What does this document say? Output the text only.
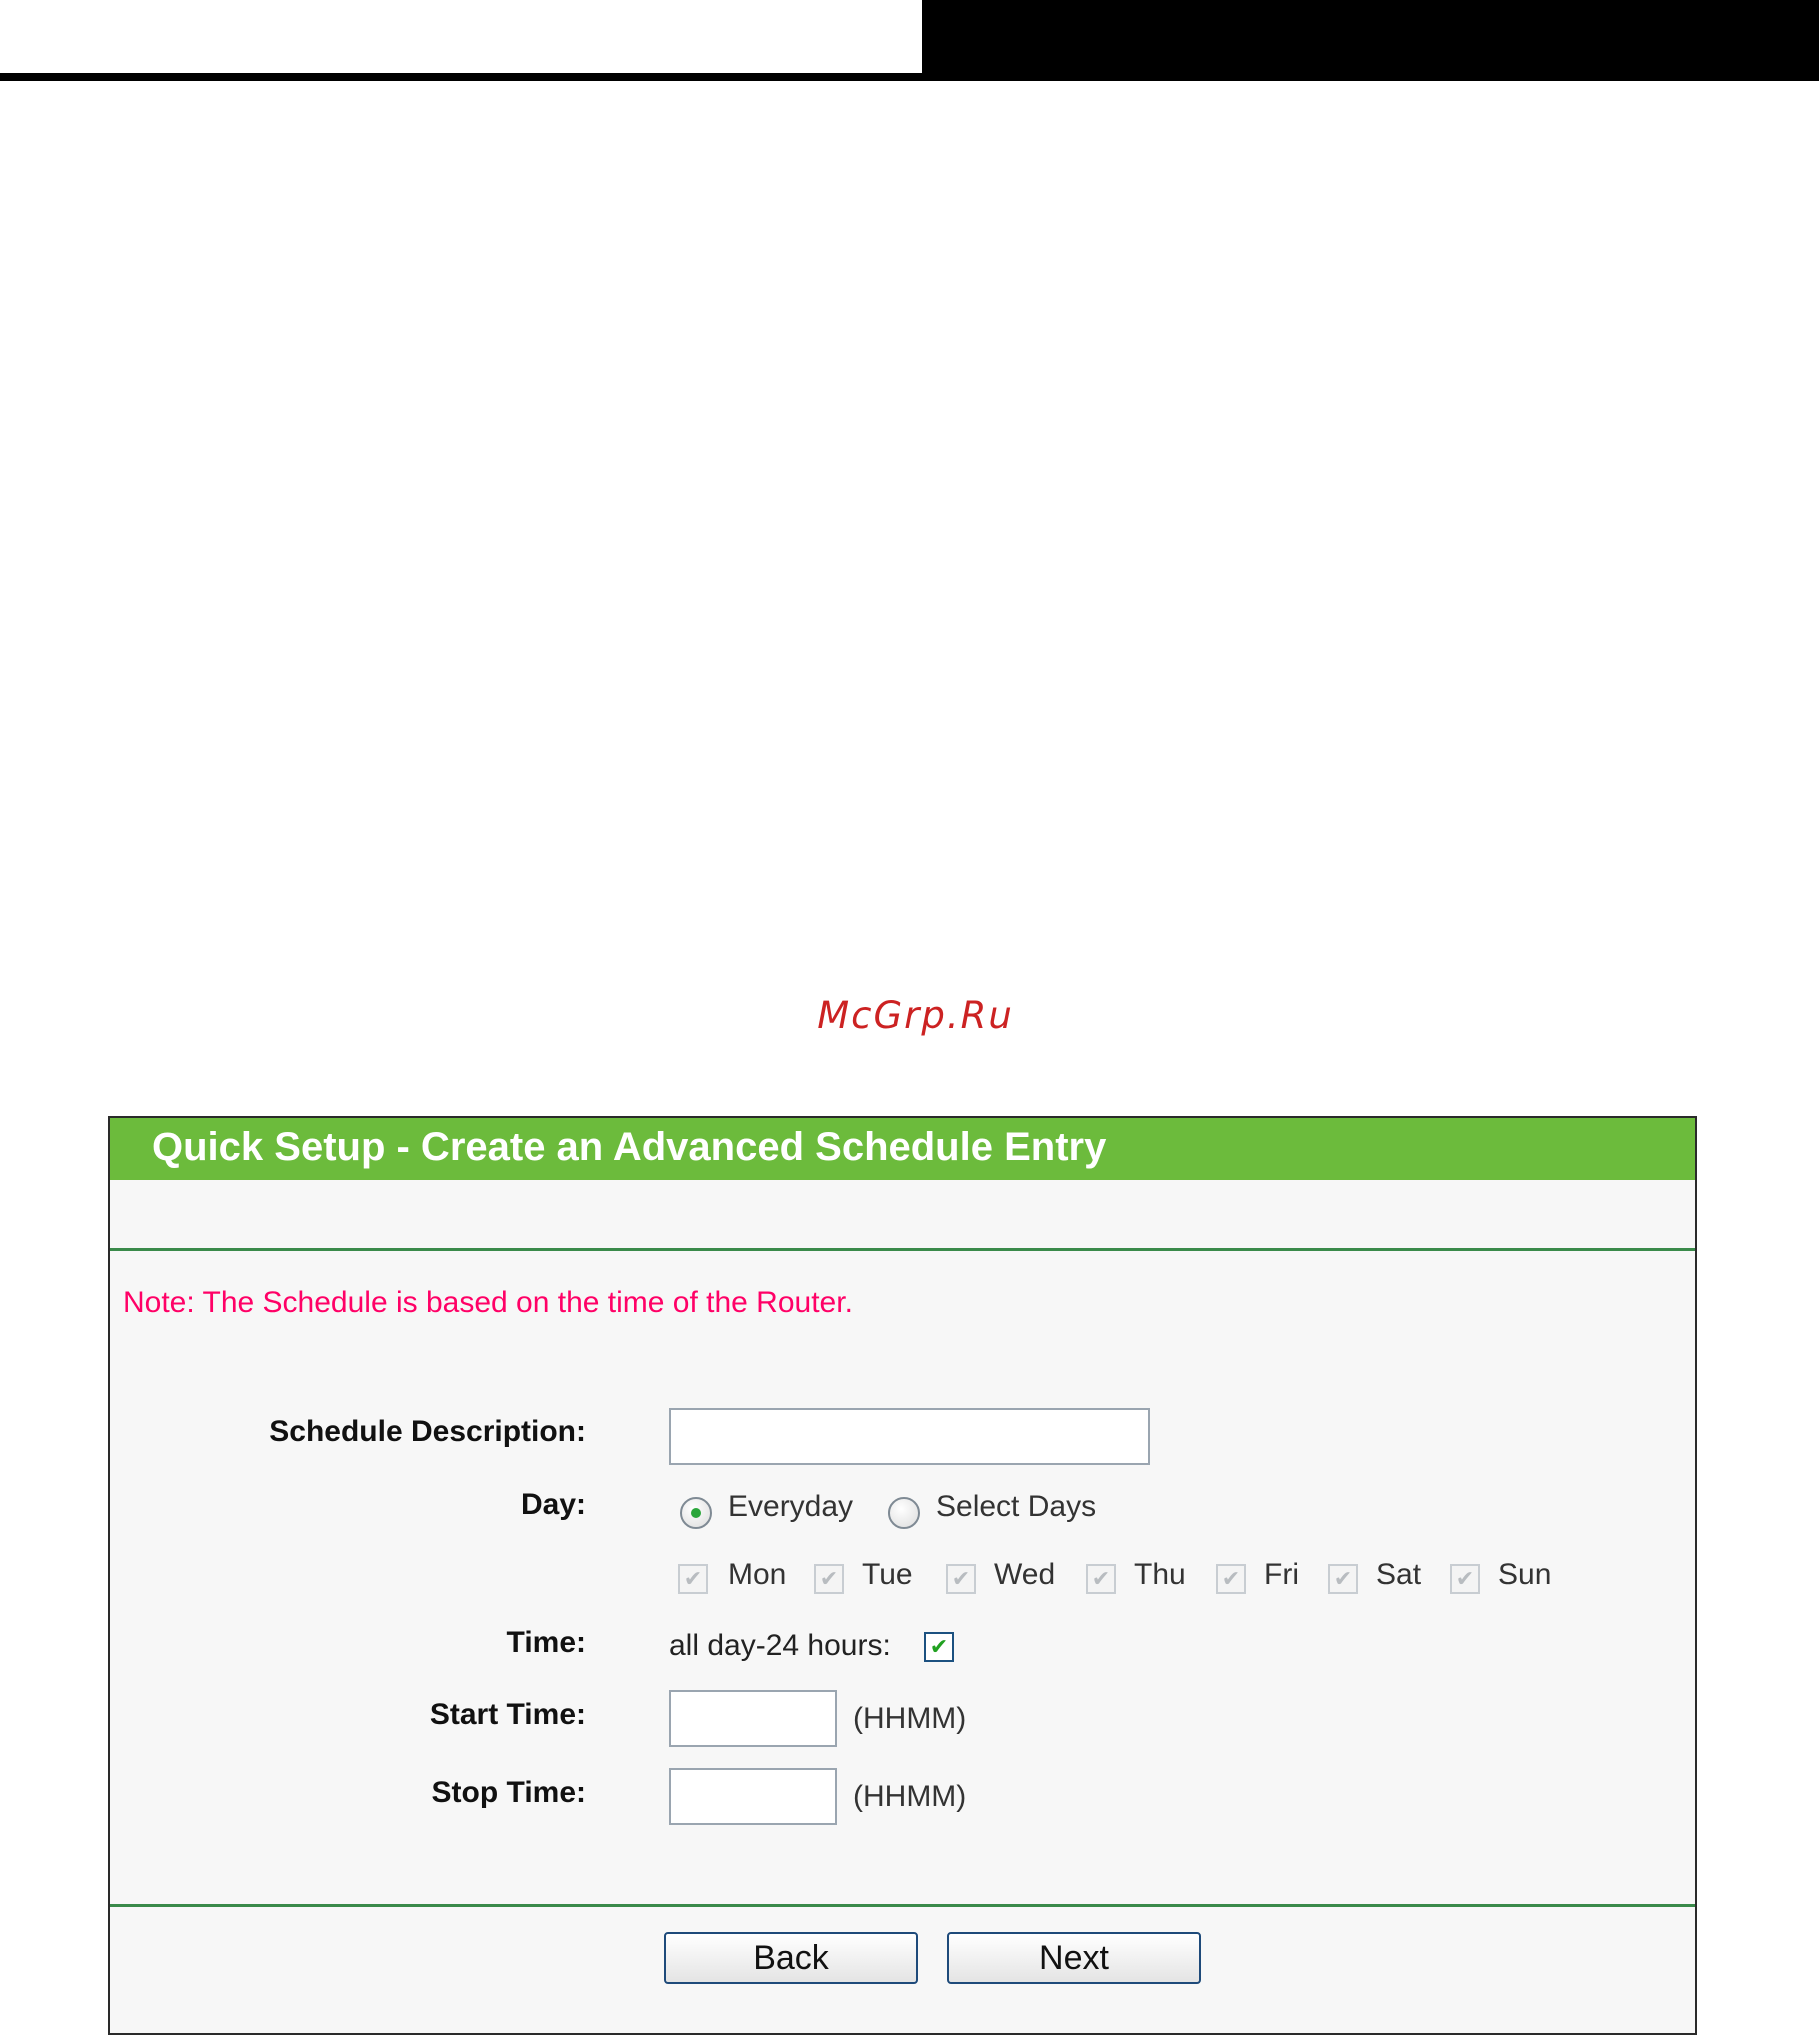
McGrp.Ru
Quick Setup - Create an Advanced Schedule Entry
Note: The Schedule is based on the time of the Router.
Schedule Description:
Day:	Everyday	Select Days
✔ Mon ✔ Tue ✔ Wed ✔ Thu ✔ Fri ✔ Sat ✔ Sun
Time:	all day-24 hours: ✔
Start Time:	(HHMM)
Stop Time:	(HHMM)
Back	Next
